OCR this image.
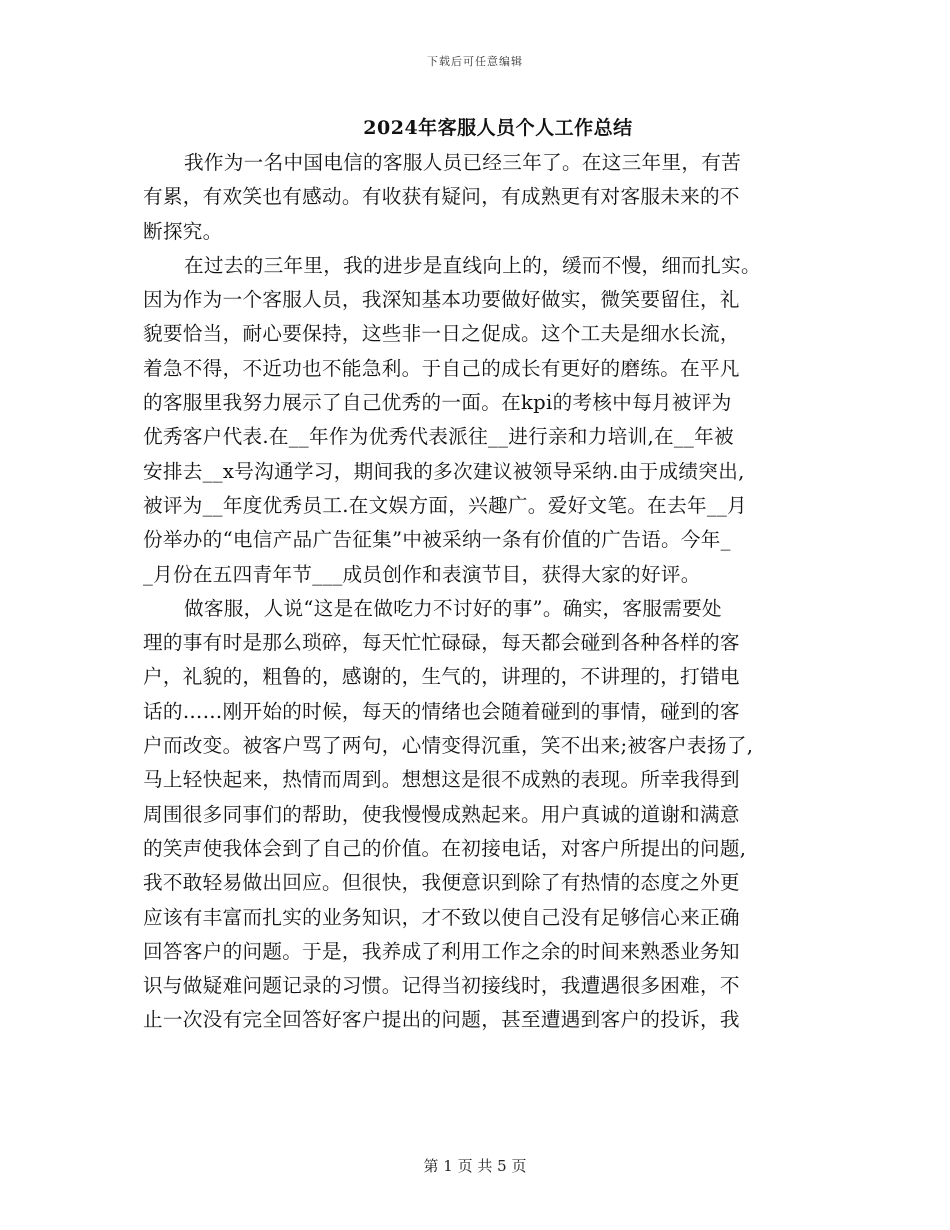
下载后可任意编辑
2024年客服人员个人工作总结
我作为一名中国电信的客服人员已经三年了。在这三年里，有苦
有累，有欢笑也有感动。有收获有疑问，有成熟更有对客服未来的不
断探究。
在过去的三年里，我的进步是直线向上的，缓而不慢，细而扎实。
因为作为一个客服人员，我深知基本功要做好做实，微笑要留住，礼
貌要恰当，耐心要保持，这些非一日之促成。这个工夫是细水长流，
着急不得，不近功也不能急利。于自己的成长有更好的磨练。在平凡
的客服里我努力展示了自己优秀的一面。在kpi的考核中每月被评为
优秀客户代表.在__年作为优秀代表派往__进行亲和力培训,在__年被
安排去__x号沟通学习，期间我的多次建议被领导采纳.由于成绩突出,
被评为__年度优秀员工.在文娱方面，兴趣广。爱好文笔。在去年__月
份举办的“电信产品广告征集”中被采纳一条有价值的广告语。今年_
_月份在五四青年节___成员创作和表演节目，获得大家的好评。
做客服，人说“这是在做吃力不讨好的事”。确实，客服需要处
理的事有时是那么琐碎，每天忙忙碌碌，每天都会碰到各种各样的客
户，礼貌的，粗鲁的，感谢的，生气的，讲理的，不讲理的，打错电
话的……刚开始的时候，每天的情绪也会随着碰到的事情，碰到的客
户而改变。被客户骂了两句，心情变得沉重，笑不出来;被客户表扬了,
马上轻快起来，热情而周到。想想这是很不成熟的表现。所幸我得到
周围很多同事们的帮助，使我慢慢成熟起来。用户真诚的道谢和满意
的笑声使我体会到了自己的价值。在初接电话，对客户所提出的问题,
我不敢轻易做出回应。但很快，我便意识到除了有热情的态度之外更
应该有丰富而扎实的业务知识，才不致以使自己没有足够信心来正确
回答客户的问题。于是，我养成了利用工作之余的时间来熟悉业务知
识与做疑难问题记录的习惯。记得当初接线时，我遭遇很多困难，不
止一次没有完全回答好客户提出的问题，甚至遭遇到客户的投诉，我
第 1 页 共 5 页
